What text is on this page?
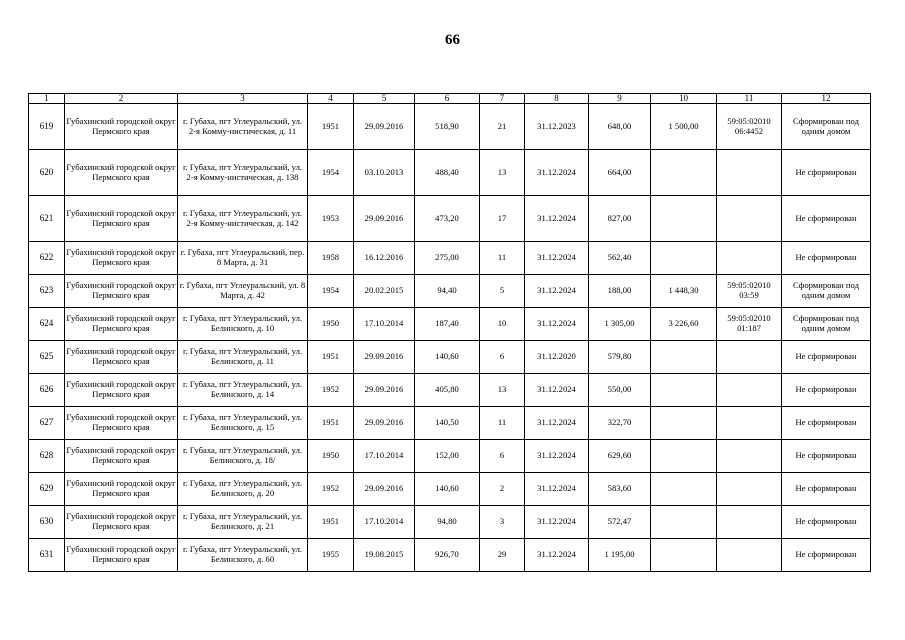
66
1	2	3	4	5	6	7	8	9	10	11	12
619	Губахинский городской округ Пермского края	г. Губаха, пгт Углеуральский, ул. 2-я Комму-нистическая, д. 11	1951	29.09.2016	518,90	21	31.12.2023	648,00	1 500,00	59:05:02010 06:4452	Сформирован под одним домом
620	Губахинский городской округ Пермского края	г. Губаха, пгт Углеуральский, ул. 2-я Комму-нистическая, д. 138	1954	03.10.2013	488,40	13	31.12.2024	664,00			Не сформирован
621	Губахинский городской округ Пермского края	г. Губаха, пгт Углеуральский, ул. 2-я Комму-нистическая, д. 142	1953	29.09.2016	473,20	17	31.12.2024	827,00			Не сформирован
622	Губахинский городской округ Пермского края	г. Губаха, пгт Углеуральский, пер. 8 Марта, д. 31	1958	16.12.2016	275,00	11	31.12.2024	562,40			Не сформирован
623	Губахинский городской округ Пермского края	г. Губаха, пгт Углеуральский, ул. 8 Марта, д. 42	1954	20.02.2015	94,40	5	31.12.2024	188,00	1 448,30	59:05:02010 03:59	Сформирован под одним домом
624	Губахинский городской округ Пермского края	г. Губаха, пгт Углеуральский, ул. Белинского, д. 10	1950	17.10.2014	187,40	10	31.12.2024	1 305,00	3 226,60	59:05:02010 01:187	Сформирован под одним домом
625	Губахинский городской округ Пермского края	г. Губаха, пгт Углеуральский, ул. Белинского, д. 11	1951	29.09.2016	140,60	6	31.12.2020	579,80			Не сформирован
626	Губахинский городской округ Пермского края	г. Губаха, пгт Углеуральский, ул. Белинского, д. 14	1952	29.09.2016	405,80	13	31.12.2024	550,00			Не сформирован
627	Губахинский городской округ Пермского края	г. Губаха, пгт Углеуральский, ул. Белинского, д. 15	1951	29.09.2016	140,50	11	31.12.2024	322,70			Не сформирован
628	Губахинский городской округ Пермского края	г. Губаха, пгт Углеуральский, ул. Белинского, д. 18/	1950	17.10.2014	152,00	6	31.12.2024	629,60			Не сформирован
629	Губахинский городской округ Пермского края	г. Губаха, пгт Углеуральский, ул. Белинского, д. 20	1952	29.09.2016	140,60	2	31.12.2024	583,60			Не сформирован
630	Губахинский городской округ Пермского края	г. Губаха, пгт Углеуральский, ул. Белинского, д. 21	1951	17.10.2014	94,80	3	31.12.2024	572,47			Не сформирован
631	Губахинский городской округ Пермского края	г. Губаха, пгт Углеуральский, ул. Белинского, д. 60	1955	19.08.2015	926,70	29	31.12.2024	1 195,00			Не сформирован
